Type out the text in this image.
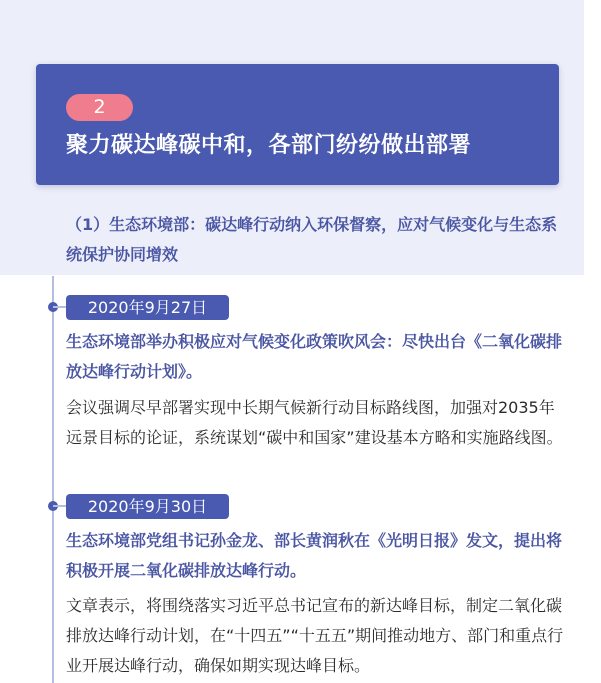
2
聚力碳达峰碳中和，各部门纷纷做出部署
（1）生态环境部：碳达峰行动纳入环保督察，应对气候变化与生态系统保护协同增效
2020年9月27日
生态环境部举办积极应对气候变化政策吹风会：尽快出台《二氧化碳排放达峰行动计划》。
会议强调尽早部署实现中长期气候新行动目标路线图，加强对2035年远景目标的论证，系统谋划“碳中和国家”建设基本方略和实施路线图。
2020年9月30日
生态环境部党组书记孙金龙、部长黄润秋在《光明日报》发文，提出将积极开展二氧化碳排放达峰行动。
文章表示，将围绕落实习近平总书记宣布的新达峰目标，制定二氧化碳排放达峰行动计划，在“十四五”“十五五”期间推动地方、部门和重点行业开展达峰行动，确保如期实现达峰目标。
